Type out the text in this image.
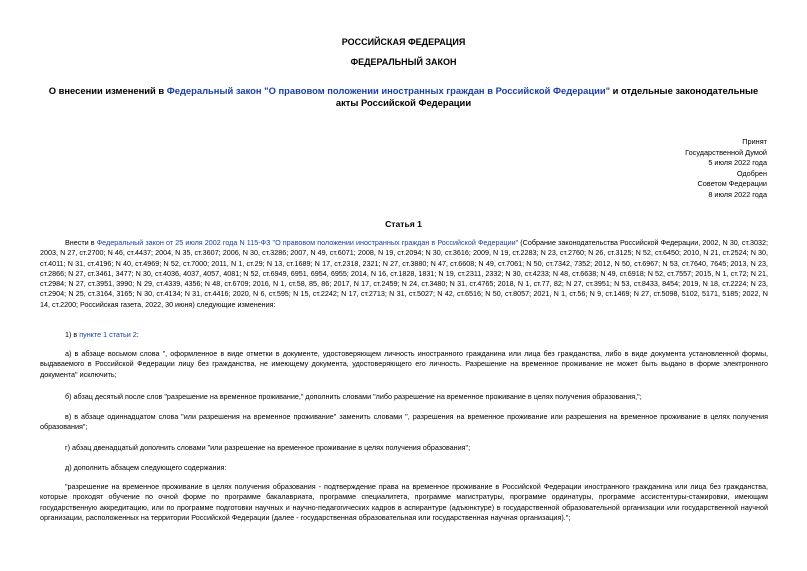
РОССИЙСКАЯ ФЕДЕРАЦИЯ
ФЕДЕРАЛЬНЫЙ ЗАКОН
О внесении изменений в Федеральный закон "О правовом положении иностранных граждан в Российской Федерации" и отдельные законодательные акты Российской Федерации
Принят
Государственной Думой
5 июля 2022 года
Одобрен
Советом Федерации
8 июля 2022 года
Статья 1
Внести в Федеральный закон от 25 июля 2002 года N 115-ФЗ "О правовом положении иностранных граждан в Российской Федерации" (Собрание законодательства Российской Федерации, 2002, N 30, ст.3032; 2003, N 27, ст.2700; N 46, ст.4437; 2004, N 35, ст.3607; 2006, N 30, ст.3286; 2007, N 49, ст.6071; 2008, N 19, ст.2094; N 30, ст.3616; 2009, N 19, ст.2283; N 23, ст.2760; N 26, ст.3125; N 52, ст.6450; 2010, N 21, ст.2524; N 30, ст.4011; N 31, ст.4196; N 40, ст.4969; N 52, ст.7000; 2011, N 1, ст.29; N 13, ст.1689; N 17, ст.2318, 2321; N 27, ст.3880; N 47, ст.6608; N 49, ст.7061; N 50, ст.7342, 7352; 2012, N 50, ст.6967; N 53, ст.7640, 7645; 2013, N 23, ст.2866; N 27, ст.3461, 3477; N 30, ст.4036, 4037, 4057, 4081; N 52, ст.6949, 6951, 6954, 6955; 2014, N 16, ст.1828, 1831; N 19, ст.2311, 2332; N 30, ст.4233; N 48, ст.6638; N 49, ст.6918; N 52, ст.7557; 2015, N 1, ст.72; N 21, ст.2984; N 27, ст.3951, 3990; N 29, ст.4339, 4356; N 48, ст.6709; 2016, N 1, ст.58, 85, 86; 2017, N 17, ст.2459; N 24, ст.3480; N 31, ст.4765; 2018, N 1, ст.77, 82; N 27, ст.3951; N 53, ст.8433, 8454; 2019, N 18, ст.2224; N 23, ст.2904; N 25, ст.3164, 3165; N 30, ст.4134; N 31, ст.4416; 2020, N 6, ст.595; N 15, ст.2242; N 17, ст.2713; N 31, ст.5027; N 42, ст.6516; N 50, ст.8057; 2021, N 1, ст.56; N 9, ст.1469; N 27, ст.5098, 5102, 5171, 5185; 2022, N 14, ст.2200; Российская газета, 2022, 30 июня) следующие изменения:
1) в пункте 1 статьи 2:
а) в абзаце восьмом слова ", оформленное в виде отметки в документе, удостоверяющем личность иностранного гражданина или лица без гражданства, либо в виде документа установленной формы, выдаваемого в Российской Федерации лицу без гражданства, не имеющему документа, удостоверяющего его личность. Разрешение на временное проживание не может быть выдано в форме электронного документа" исключить;
б) абзац десятый после слов "разрешение на временное проживание," дополнить словами "либо разрешение на временное проживание в целях получения образования,";
в) в абзаце одиннадцатом слова "или разрешения на временное проживание" заменить словами ", разрешения на временное проживание или разрешения на временное проживание в целях получения образования";
г) абзац двенадцатый дополнить словами "или разрешение на временное проживание в целях получения образования";
д) дополнить абзацем следующего содержания:
"разрешение на временное проживание в целях получения образования - подтверждение права на временное проживание в Российской Федерации иностранного гражданина или лица без гражданства, которые проходят обучение по очной форме по программе бакалавриата, программе специалитета, программе магистратуры, программе ординатуры, программе ассистентуры-стажировки, имеющим государственную аккредитацию, или по программе подготовки научных и научно-педагогических кадров в аспирантуре (адъюнктуре) в государственной образовательной организации или государственной научной организации, расположенных на территории Российской Федерации (далее - государственная образовательная или государственная научная организация).";
